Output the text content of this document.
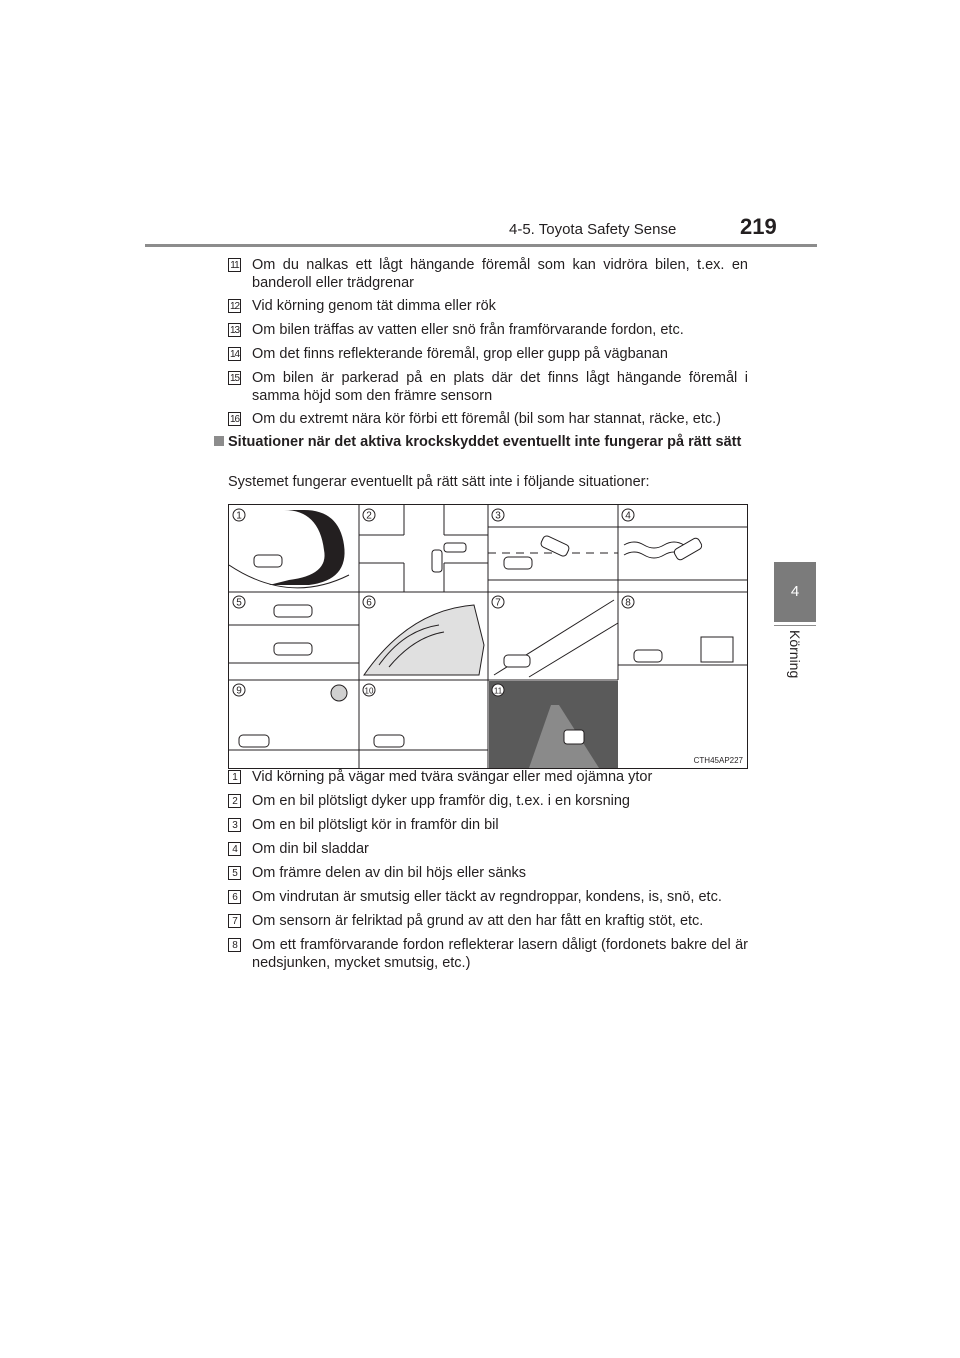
4-5. Toyota Safety Sense	219
4
Körning
11 Om du nalkas ett lågt hängande föremål som kan vidröra bilen, t.ex. en banderoll eller trädgrenar
12 Vid körning genom tät dimma eller rök
13 Om bilen träffas av vatten eller snö från framförvarande fordon, etc.
14 Om det finns reflekterande föremål, grop eller gupp på vägbanan
15 Om bilen är parkerad på en plats där det finns lågt hängande föremål i samma höjd som den främre sensorn
16 Om du extremt nära kör förbi ett föremål (bil som har stannat, räcke, etc.)
Situationer när det aktiva krockskyddet eventuellt inte fungerar på rätt sätt
Systemet fungerar eventuellt på rätt sätt inte i följande situationer:
1	2	3	4
5	6	7	8
9	10	11
CTH45AP227
1	Vid körning på vägar med tvära svängar eller med ojämna ytor
2	Om en bil plötsligt dyker upp framför dig, t.ex. i en korsning
3	Om en bil plötsligt kör in framför din bil
4	Om din bil sladdar
5	Om främre delen av din bil höjs eller sänks
6	Om vindrutan är smutsig eller täckt av regndroppar, kondens, is, snö, etc.
7	Om sensorn är felriktad på grund av att den har fått en kraftig stöt, etc.
8	Om ett framförvarande fordon reflekterar lasern dåligt (fordonets bakre del är nedsjunken, mycket smutsig, etc.)
